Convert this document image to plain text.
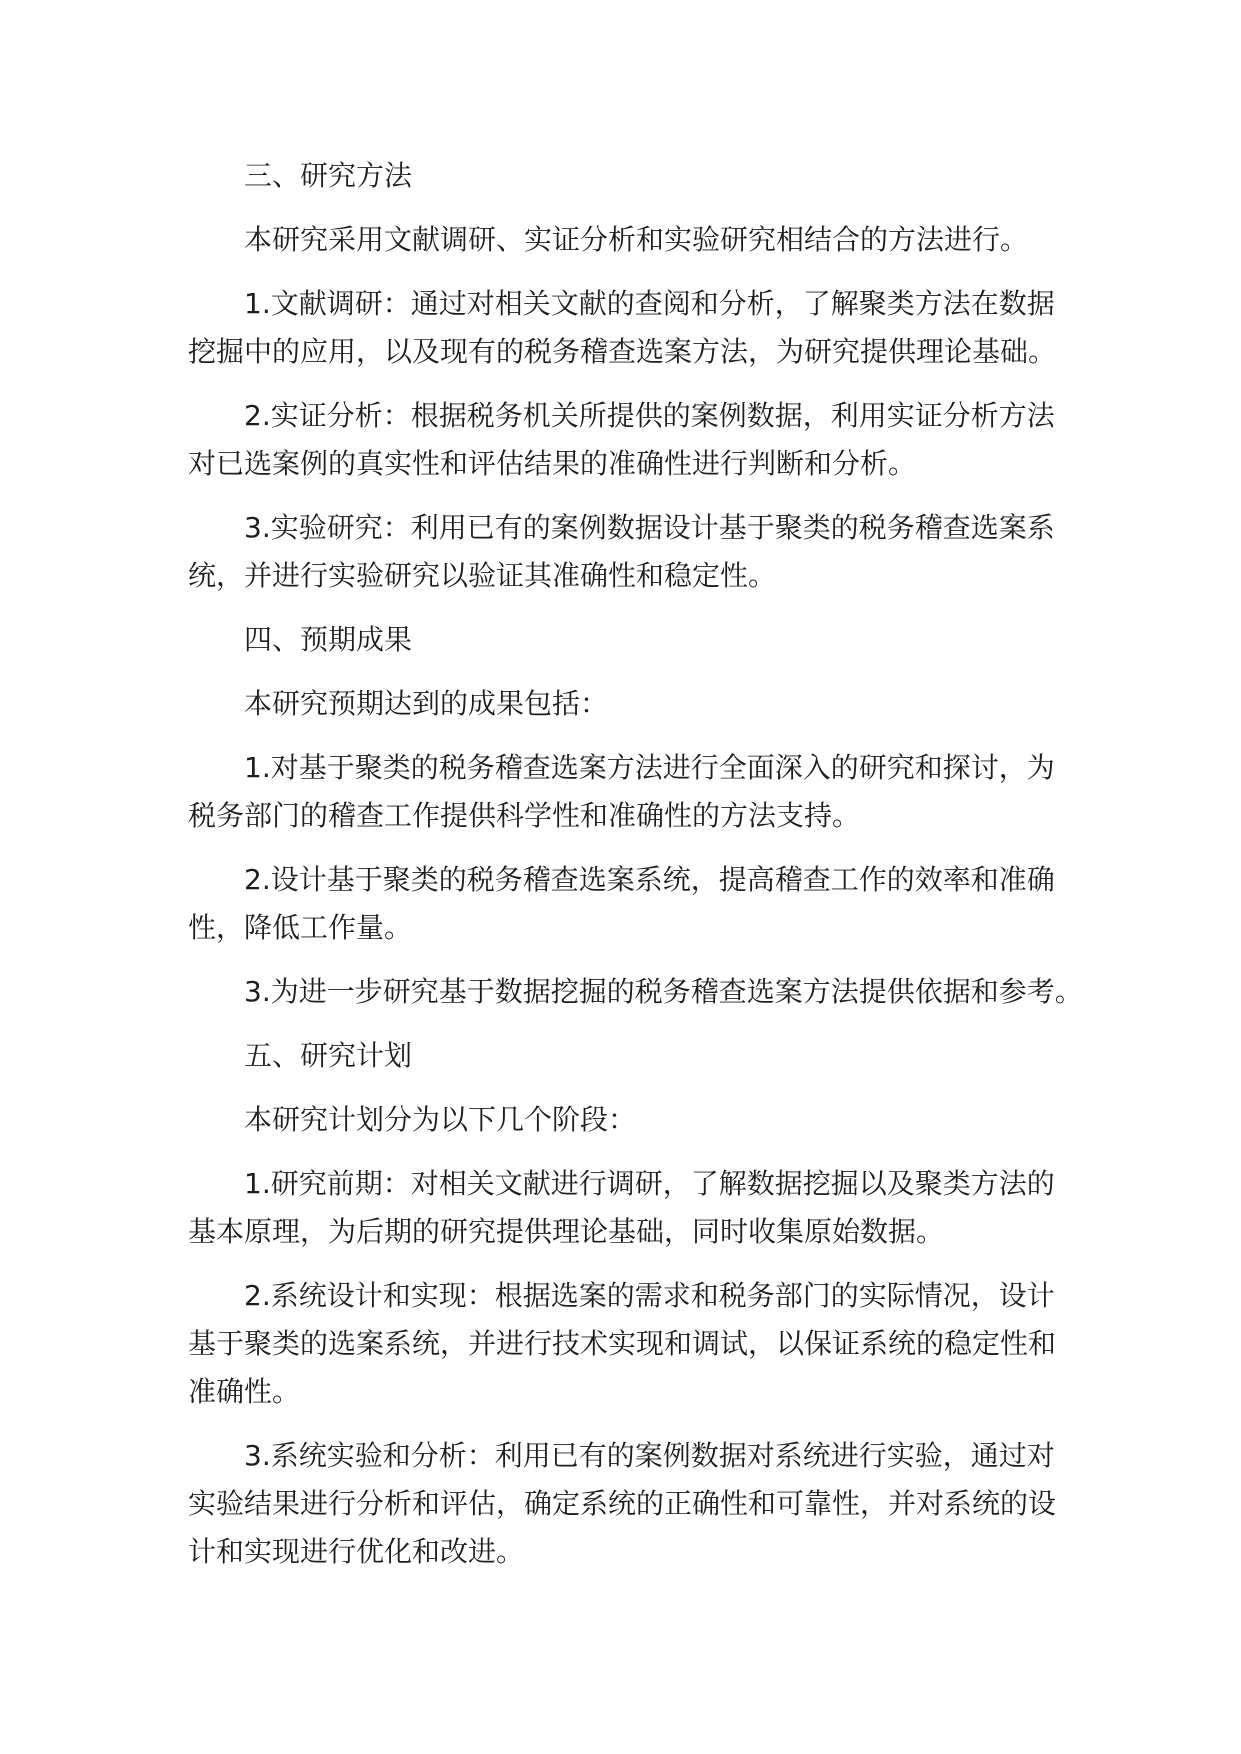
三、研究方法
本研究采用文献调研、实证分析和实验研究相结合的方法进行。
1.文献调研：通过对相关文献的查阅和分析，了解聚类方法在数据
挖掘中的应用，以及现有的税务稽查选案方法，为研究提供理论基础。
2.实证分析：根据税务机关所提供的案例数据，利用实证分析方法
对已选案例的真实性和评估结果的准确性进行判断和分析。
3.实验研究：利用已有的案例数据设计基于聚类的税务稽查选案系
统，并进行实验研究以验证其准确性和稳定性。
四、预期成果
本研究预期达到的成果包括：
1.对基于聚类的税务稽查选案方法进行全面深入的研究和探讨，为
税务部门的稽查工作提供科学性和准确性的方法支持。
2.设计基于聚类的税务稽查选案系统，提高稽查工作的效率和准确
性，降低工作量。
3.为进一步研究基于数据挖掘的税务稽查选案方法提供依据和参考。
五、研究计划
本研究计划分为以下几个阶段：
1.研究前期：对相关文献进行调研，了解数据挖掘以及聚类方法的
基本原理，为后期的研究提供理论基础，同时收集原始数据。
2.系统设计和实现：根据选案的需求和税务部门的实际情况，设计
基于聚类的选案系统，并进行技术实现和调试，以保证系统的稳定性和
准确性。
3.系统实验和分析：利用已有的案例数据对系统进行实验，通过对
实验结果进行分析和评估，确定系统的正确性和可靠性，并对系统的设
计和实现进行优化和改进。
